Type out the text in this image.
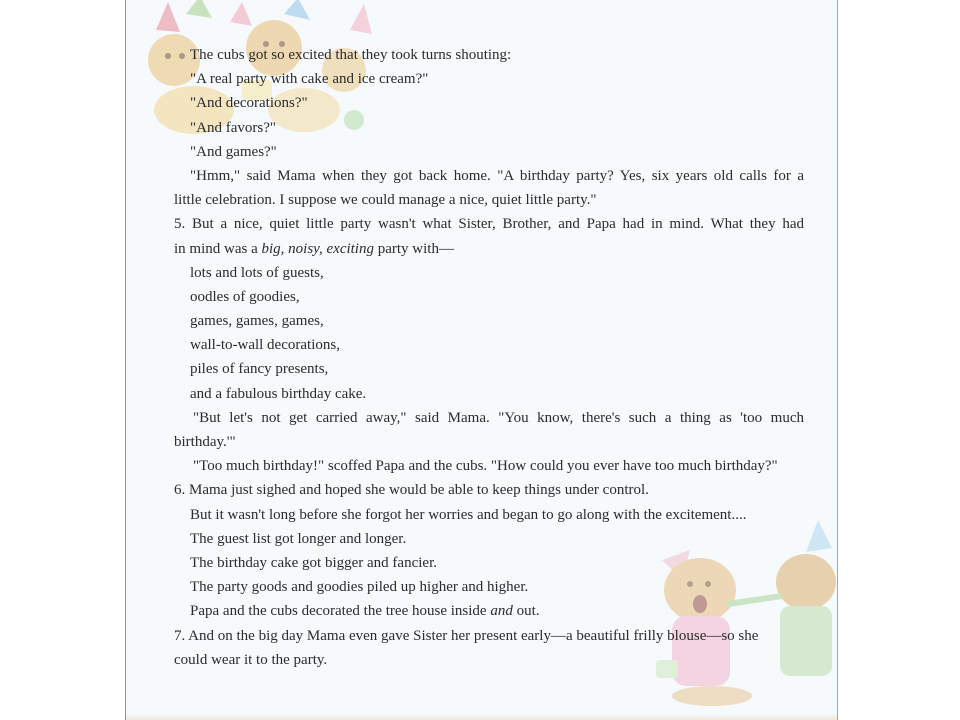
The cubs got so excited that they took turns shouting:
"A real party with cake and ice cream?"
"And decorations?"
"And favors?"
"And games?"
"Hmm," said Mama when they got back home. "A birthday party? Yes, six years old calls for a
little celebration. I suppose we could manage a nice, quiet little party."
5. But a nice, quiet little party wasn't what Sister, Brother, and Papa had in mind. What they had
in mind was a big, noisy, exciting party with—
lots and lots of guests,
oodles of goodies,
games, games, games,
wall-to-wall decorations,
piles of fancy presents,
and a fabulous birthday cake.
"But let's not get carried away," said Mama. "You know, there's such a thing as 'too much
birthday.'"
"Too much birthday!" scoffed Papa and the cubs. "How could you ever have too much birthday?"
6. Mama just sighed and hoped she would be able to keep things under control.
But it wasn't long before she forgot her worries and began to go along with the excitement....
The guest list got longer and longer.
The birthday cake got bigger and fancier.
The party goods and goodies piled up higher and higher.
Papa and the cubs decorated the tree house inside and out.
7. And on the big day Mama even gave Sister her present early—a beautiful frilly blouse—so she
could wear it to the party.
